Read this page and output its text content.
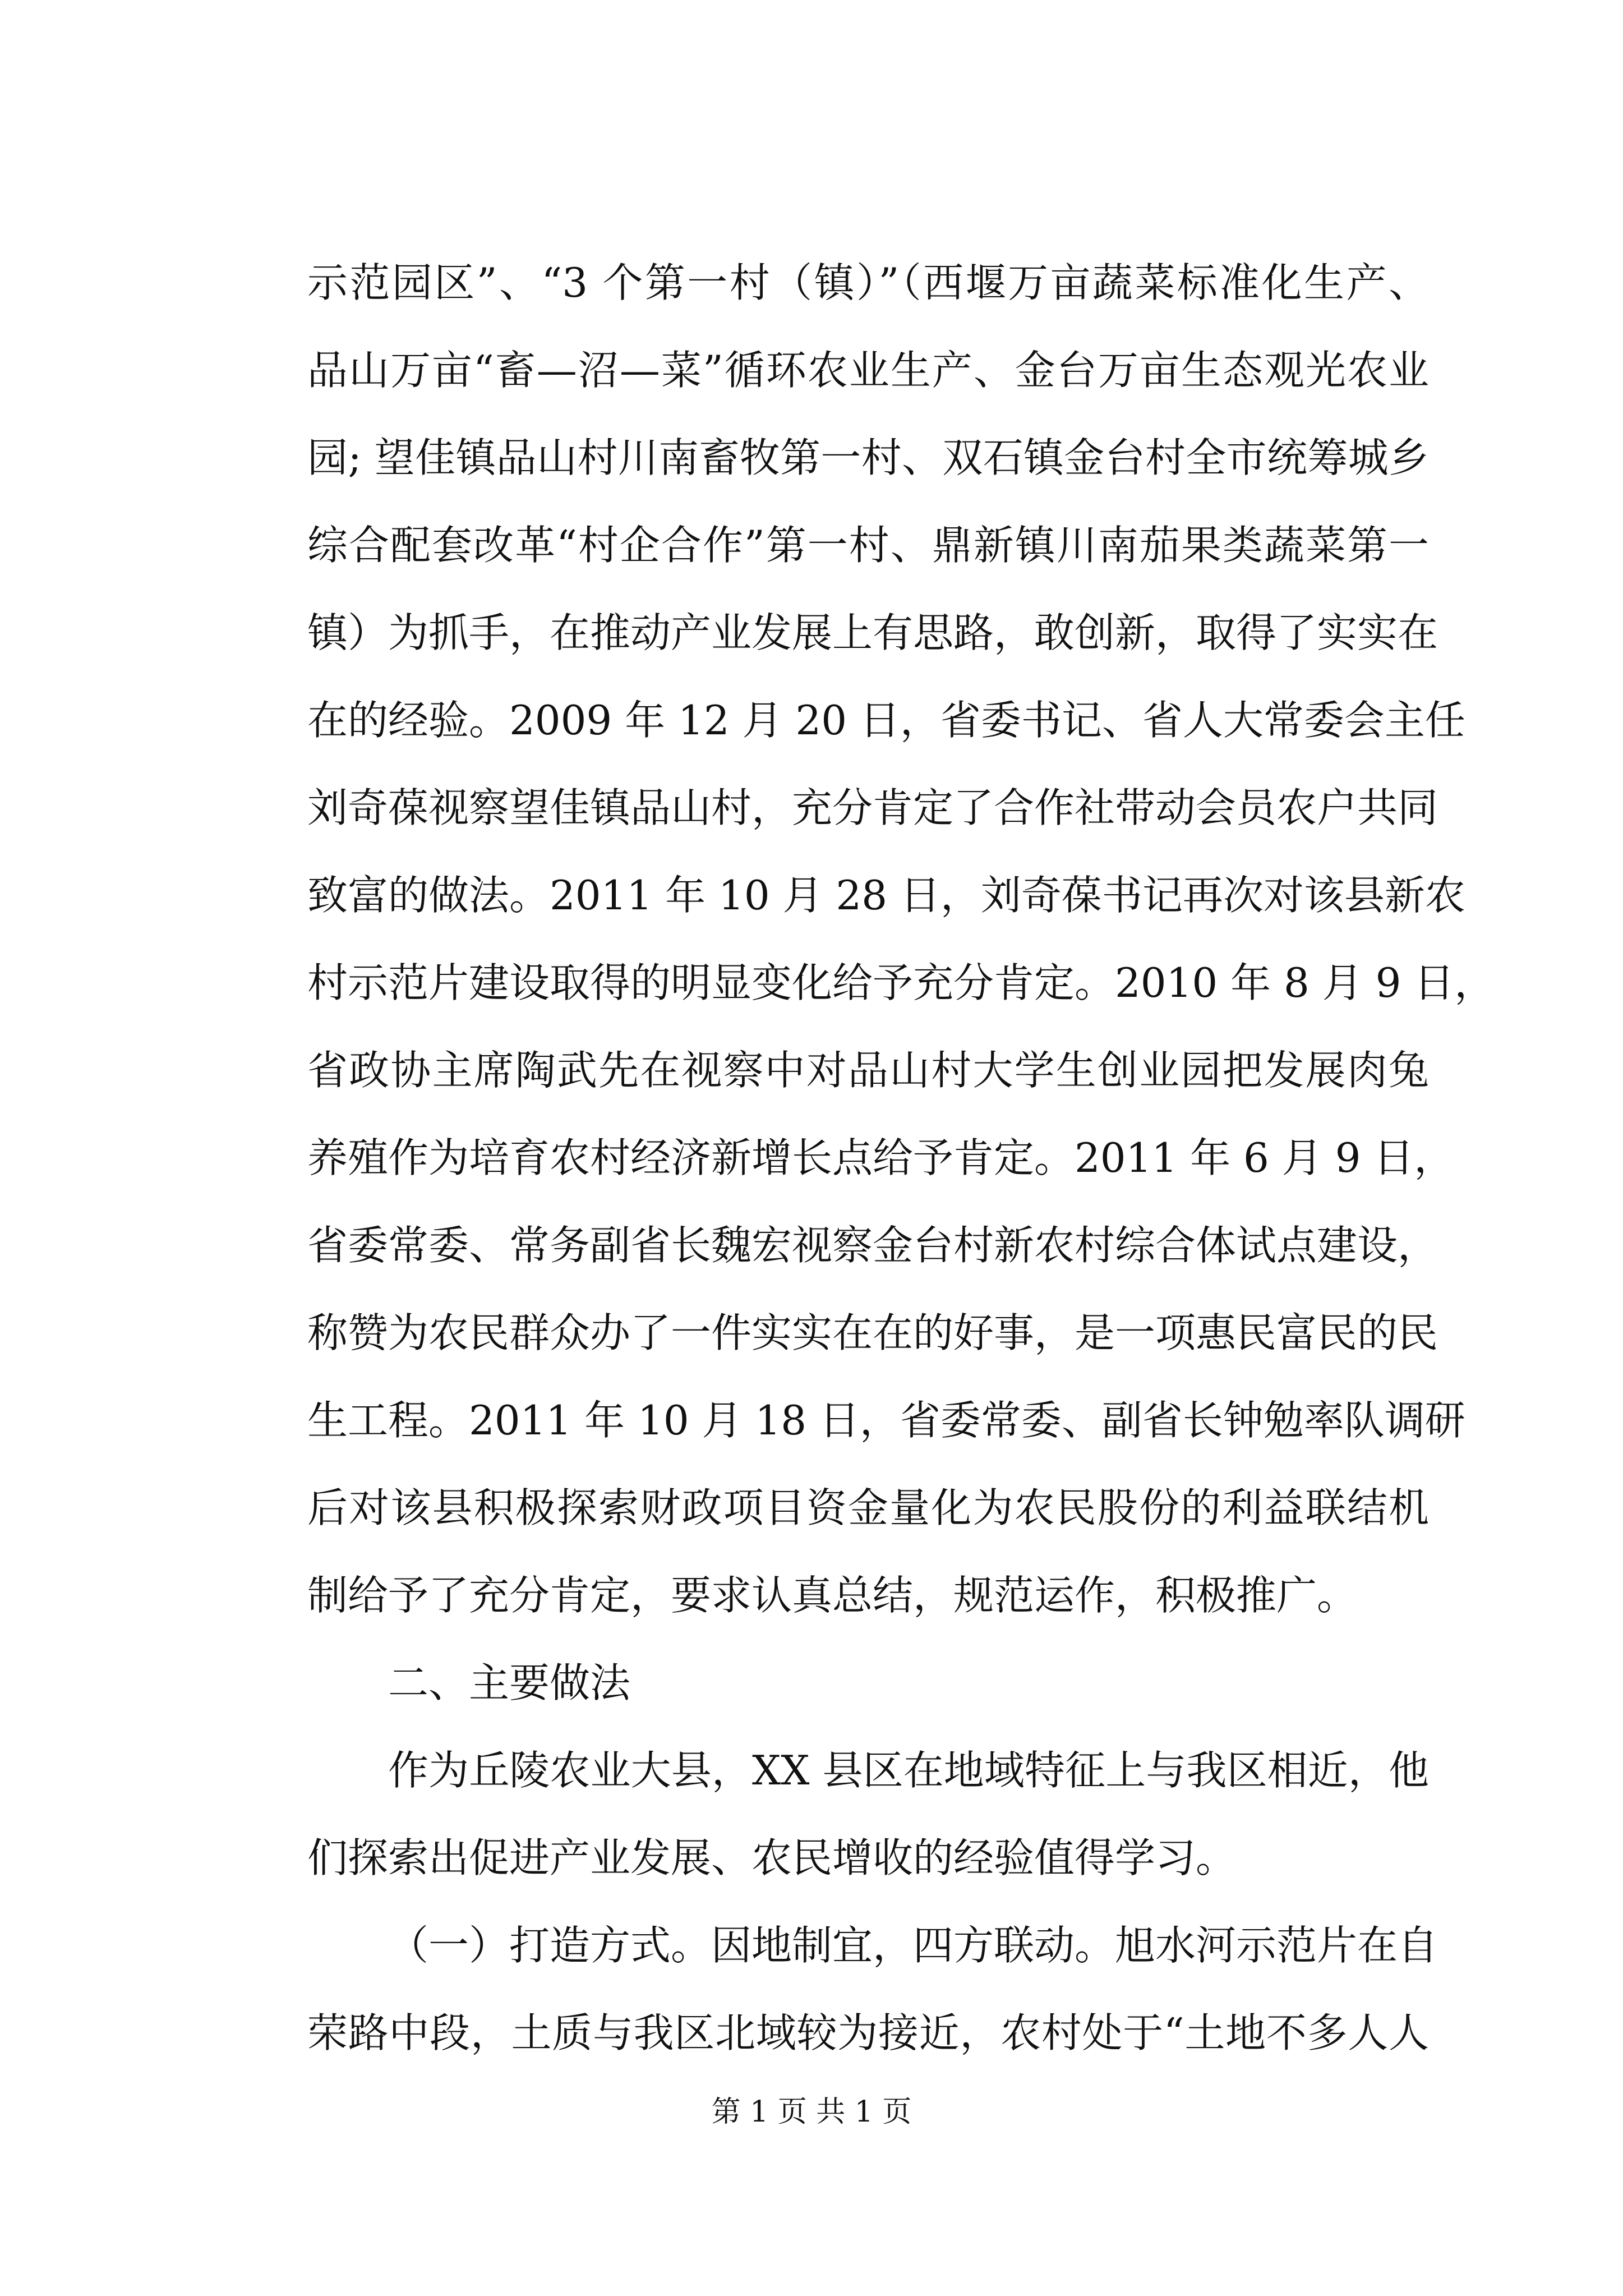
示范园区”、“3 个第一村（镇）”（西堰万亩蔬菜标准化生产、
品山万亩“畜—沼—菜”循环农业生产、金台万亩生态观光农业
园; 望佳镇品山村川南畜牧第一村、双石镇金台村全市统筹城乡
综合配套改革“村企合作”第一村、鼎新镇川南茄果类蔬菜第一
镇）为抓手，在推动产业发展上有思路，敢创新，取得了实实在
在的经验。2009 年 12 月 20 日，省委书记、省人大常委会主任
刘奇葆视察望佳镇品山村，充分肯定了合作社带动会员农户共同
致富的做法。2011 年 10 月 28 日，刘奇葆书记再次对该县新农
村示范片建设取得的明显变化给予充分肯定。2010 年 8 月 9 日，
省政协主席陶武先在视察中对品山村大学生创业园把发展肉兔
养殖作为培育农村经济新增长点给予肯定。2011 年 6 月 9 日，
省委常委、常务副省长魏宏视察金台村新农村综合体试点建设，
称赞为农民群众办了一件实实在在的好事，是一项惠民富民的民
生工程。2011 年 10 月 18 日，省委常委、副省长钟勉率队调研
后对该县积极探索财政项目资金量化为农民股份的利益联结机
制给予了充分肯定，要求认真总结，规范运作，积极推广。
二、主要做法
作为丘陵农业大县，XX 县区在地域特征上与我区相近，他
们探索出促进产业发展、农民增收的经验值得学习。
（一）打造方式。因地制宜，四方联动。旭水河示范片在自
荣路中段，土质与我区北域较为接近，农村处于“土地不多人人
第 1 页 共 1 页
